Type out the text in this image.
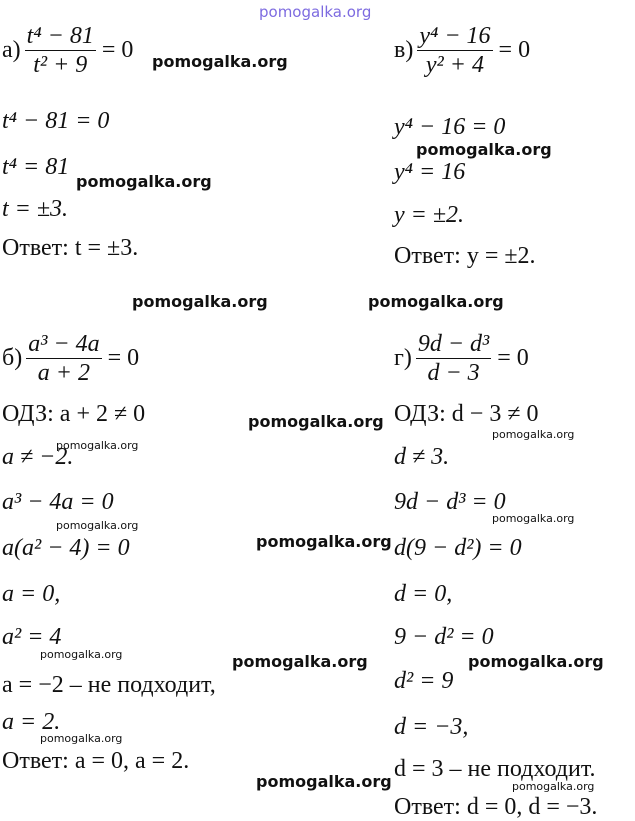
pomogalka.org
$а) \frac{\text{t⁴ − 81}}{\text{t² + 9}} = 0$
t⁴ − 81 = 0
t⁴ = 81
t = ±3.
Ответ: t = ±3.
$в) \frac{\text{y⁴ − 16}}{\text{y² + 4}} = 0$
y⁴ − 16 = 0
y⁴ = 16
y = ±2.
Ответ: y = ±2.
$б) \frac{\text{a³ − 4a}}{a + 2} = 0$
ОДЗ: a + 2 ≠ 0
a ≠ −2.
a³ − 4a = 0
a(a² − 4) = 0
a = 0,
a² = 4
a = −2 – не подходит,
a = 2.
Ответ: a = 0, a = 2.
$г) \frac{\text{9d − d³}}{d - 3} = 0$
ОДЗ: d − 3 ≠ 0
d ≠ 3.
9d − d³ = 0
d(9 − d²) = 0
d = 0,
9 − d² = 0
d² = 9
d = −3,
d = 3 – не подходит.
Ответ: d = 0, d = −3.
pomogalka.org
pomogalka.org
pomogalka.org
pomogalka.org	pomogalka.org
pomogalka.org
pomogalka.org
pomogalka.org
pomogalka.org
pomogalka.org
pomogalka.org
pomogalka.org	pomogalka.org	pomogalka.org
pomogalka.org
pomogalka.org	pomogalka.org
